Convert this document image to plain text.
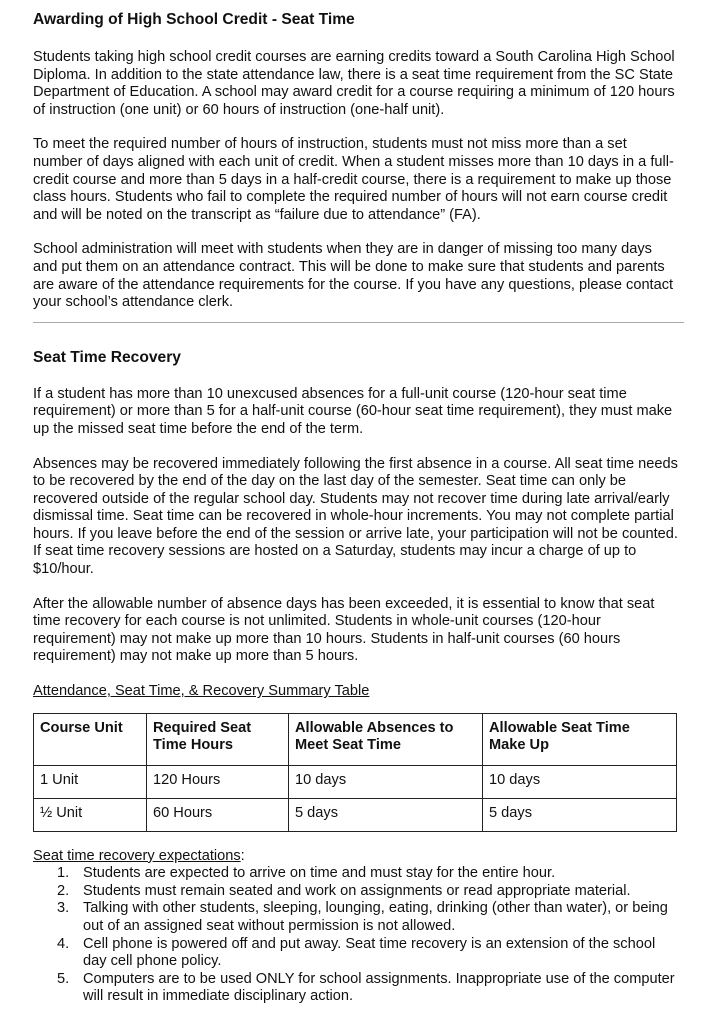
Awarding of High School Credit - Seat Time

Students taking high school credit courses are earning credits toward a South Carolina High School Diploma. In addition to the state attendance law, there is a seat time requirement from the SC State Department of Education. A school may award credit for a course requiring a minimum of 120 hours of instruction (one unit) or 60 hours of instruction (one-half unit).

To meet the required number of hours of instruction, students must not miss more than a set number of days aligned with each unit of credit. When a student misses more than 10 days in a full-credit course and more than 5 days in a half-credit course, there is a requirement to make up those class hours. Students who fail to complete the required number of hours will not earn course credit and will be noted on the transcript as “failure due to attendance” (FA).

School administration will meet with students when they are in danger of missing too many days and put them on an attendance contract. This will be done to make sure that students and parents are aware of the attendance requirements for the course. If you have any questions, please contact your school’s attendance clerk.

Seat Time Recovery

If a student has more than 10 unexcused absences for a full-unit course (120-hour seat time requirement) or more than 5 for a half-unit course (60-hour seat time requirement), they must make up the missed seat time before the end of the term.

Absences may be recovered immediately following the first absence in a course. All seat time needs to be recovered by the end of the day on the last day of the semester. Seat time can only be recovered outside of the regular school day. Students may not recover time during late arrival/early dismissal time. Seat time can be recovered in whole-hour increments. You may not complete partial hours. If you leave before the end of the session or arrive late, your participation will not be counted. If seat time recovery sessions are hosted on a Saturday, students may incur a charge of up to $10/hour.

After the allowable number of absence days has been exceeded, it is essential to know that seat time recovery for each course is not unlimited. Students in whole-unit courses (120-hour requirement) may not make up more than 10 hours. Students in half-unit courses (60 hours requirement) may not make up more than 5 hours.

Attendance, Seat Time, & Recovery Summary Table

Course Unit	Required Seat Time Hours	Allowable Absences to Meet Seat Time	Allowable Seat Time Make Up
1 Unit	120 Hours	10 days	10 days
½ Unit	60 Hours	5 days	5 days

Seat time recovery expectations:

1. Students are expected to arrive on time and must stay for the entire hour.
2. Students must remain seated and work on assignments or read appropriate material.
3. Talking with other students, sleeping, lounging, eating, drinking (other than water), or being out of an assigned seat without permission is not allowed.
4. Cell phone is powered off and put away. Seat time recovery is an extension of the school day cell phone policy.
5. Computers are to be used ONLY for school assignments. Inappropriate use of the computer will result in immediate disciplinary action.
